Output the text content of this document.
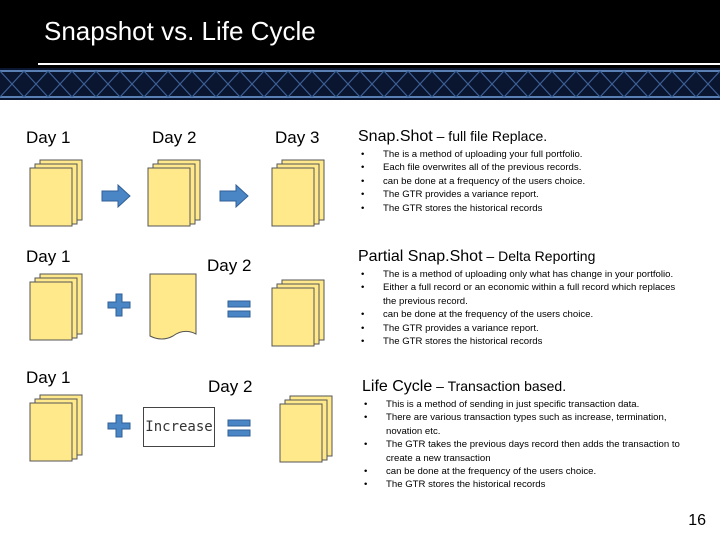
Snapshot vs. Life Cycle
Day 1	Day 2	Day 3
Day 1	Day 2
Day 1	Day 2
Increase
Snap.Shot – full file Replace.
• The is a method of uploading your full portfolio.
• Each file overwrites all of the previous records.
• can be done at a frequency of the users choice.
• The GTR provides a variance report.
• The GTR stores the historical records
Partial Snap.Shot – Delta Reporting
• The is a method of uploading only what has change in your portfolio.
• Either a full record or an economic within a full record which replaces the previous record.
• can be done at the frequency of the users choice.
• The GTR provides a variance report.
• The GTR stores the historical records
Life Cycle – Transaction based.
• This is a method of sending in just specific transaction data.
• There are various transaction types such as increase, termination, novation etc.
• The GTR takes the previous days record then adds the transaction to create a new transaction
• can be done at the frequency of the users choice.
• The GTR stores the historical records
16
